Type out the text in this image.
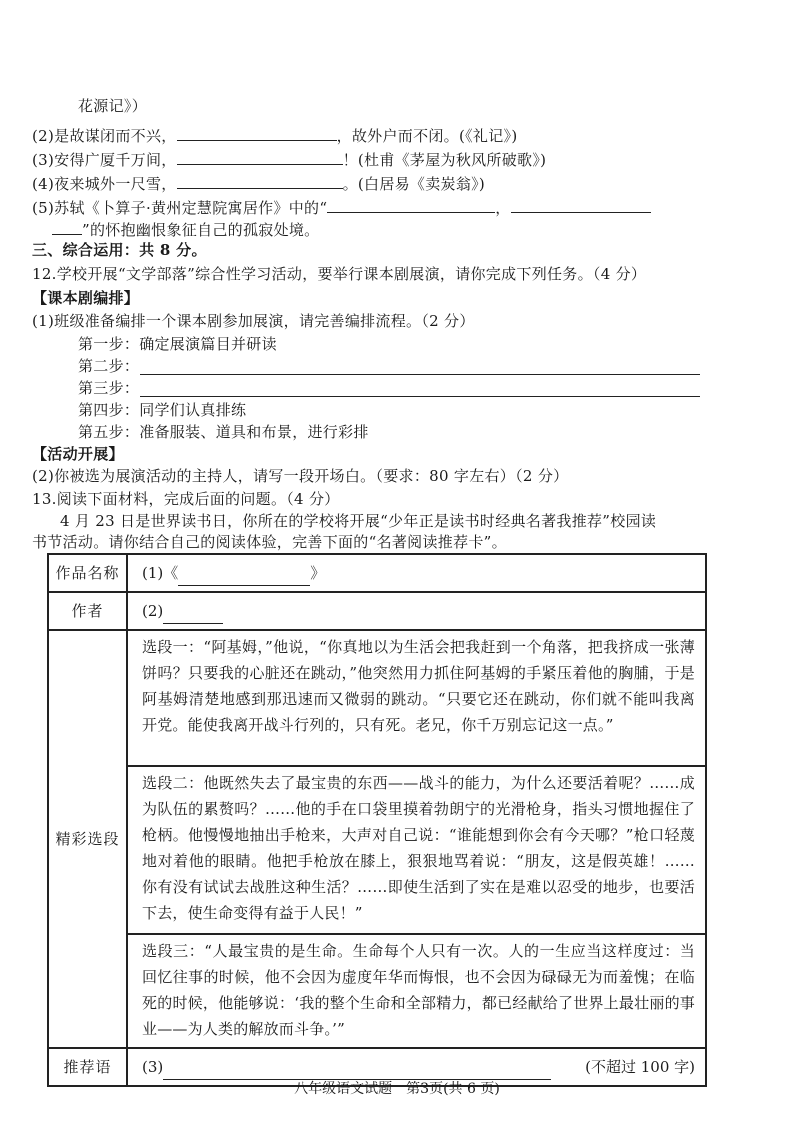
花源记》）
(2)是故谋闭而不兴，	，故外户而不闭。(《礼记》)
(3)安得广厦千万间，	！(杜甫《茅屋为秋风所破歌》)
(4)夜来城外一尺雪，	。(白居易《卖炭翁》)
(5)苏轼《卜算子·黄州定慧院寓居作》中的“	，
”的怀抱幽恨象征自己的孤寂处境。
三、综合运用：共 8 分。
12.学校开展“文学部落”综合性学习活动，要举行课本剧展演，请你完成下列任务。（4 分）
【课本剧编排】
(1)班级准备编排一个课本剧参加展演，请完善编排流程。（2 分）
第一步：确定展演篇目并研读
第二步：
第三步：
第四步：同学们认真排练
第五步：准备服装、道具和布景，进行彩排
【活动开展】
(2)你被选为展演活动的主持人，请写一段开场白。（要求：80 字左右）（2 分）
13.阅读下面材料，完成后面的问题。（4 分）
4 月 23 日是世界读书日，你所在的学校将开展“少年正是读书时经典名著我推荐”校园读
书节活动。请你结合自己的阅读体验，完善下面的“名著阅读推荐卡”。
作品名称	(1)《 》
作者	(2)
精彩选段	选段一：“阿基姆，”他说，“你真地以为生活会把我赶到一个角落，把我挤成一张薄饼吗？只要我的心脏还在跳动，”他突然用力抓住阿基姆的手紧压着他的胸脯，于是阿基姆清楚地感到那迅速而又微弱的跳动。“只要它还在跳动，你们就不能叫我离开党。能使我离开战斗行列的，只有死。老兄，你千万别忘记这一点。”

	选段二：他既然失去了最宝贵的东西——战斗的能力，为什么还要活着呢？……成为队伍的累赘吗？……他的手在口袋里摸着勃朗宁的光滑枪身，指头习惯地握住了枪柄。他慢慢地抽出手枪来，大声对自己说：“谁能想到你会有今天哪？”枪口轻蔑地对着他的眼睛。他把手枪放在膝上，狠狠地骂着说：“朋友，这是假英雄！……你有没有试试去战胜这种生活？……即使生活到了实在是难以忍受的地步，也要活下去，使生命变得有益于人民！”

	选段三：“人最宝贵的是生命。生命每个人只有一次。人的一生应当这样度过：当回忆往事的时候，他不会因为虚度年华而悔恨，也不会因为碌碌无为而羞愧；在临死的时候，他能够说：‘我的整个生命和全部精力，都已经献给了世界上最壮丽的事业——为人类的解放而斗争。’”

推荐语	(3) (不超过 100 字)
八年级语文试题　第3页(共 6 页)
